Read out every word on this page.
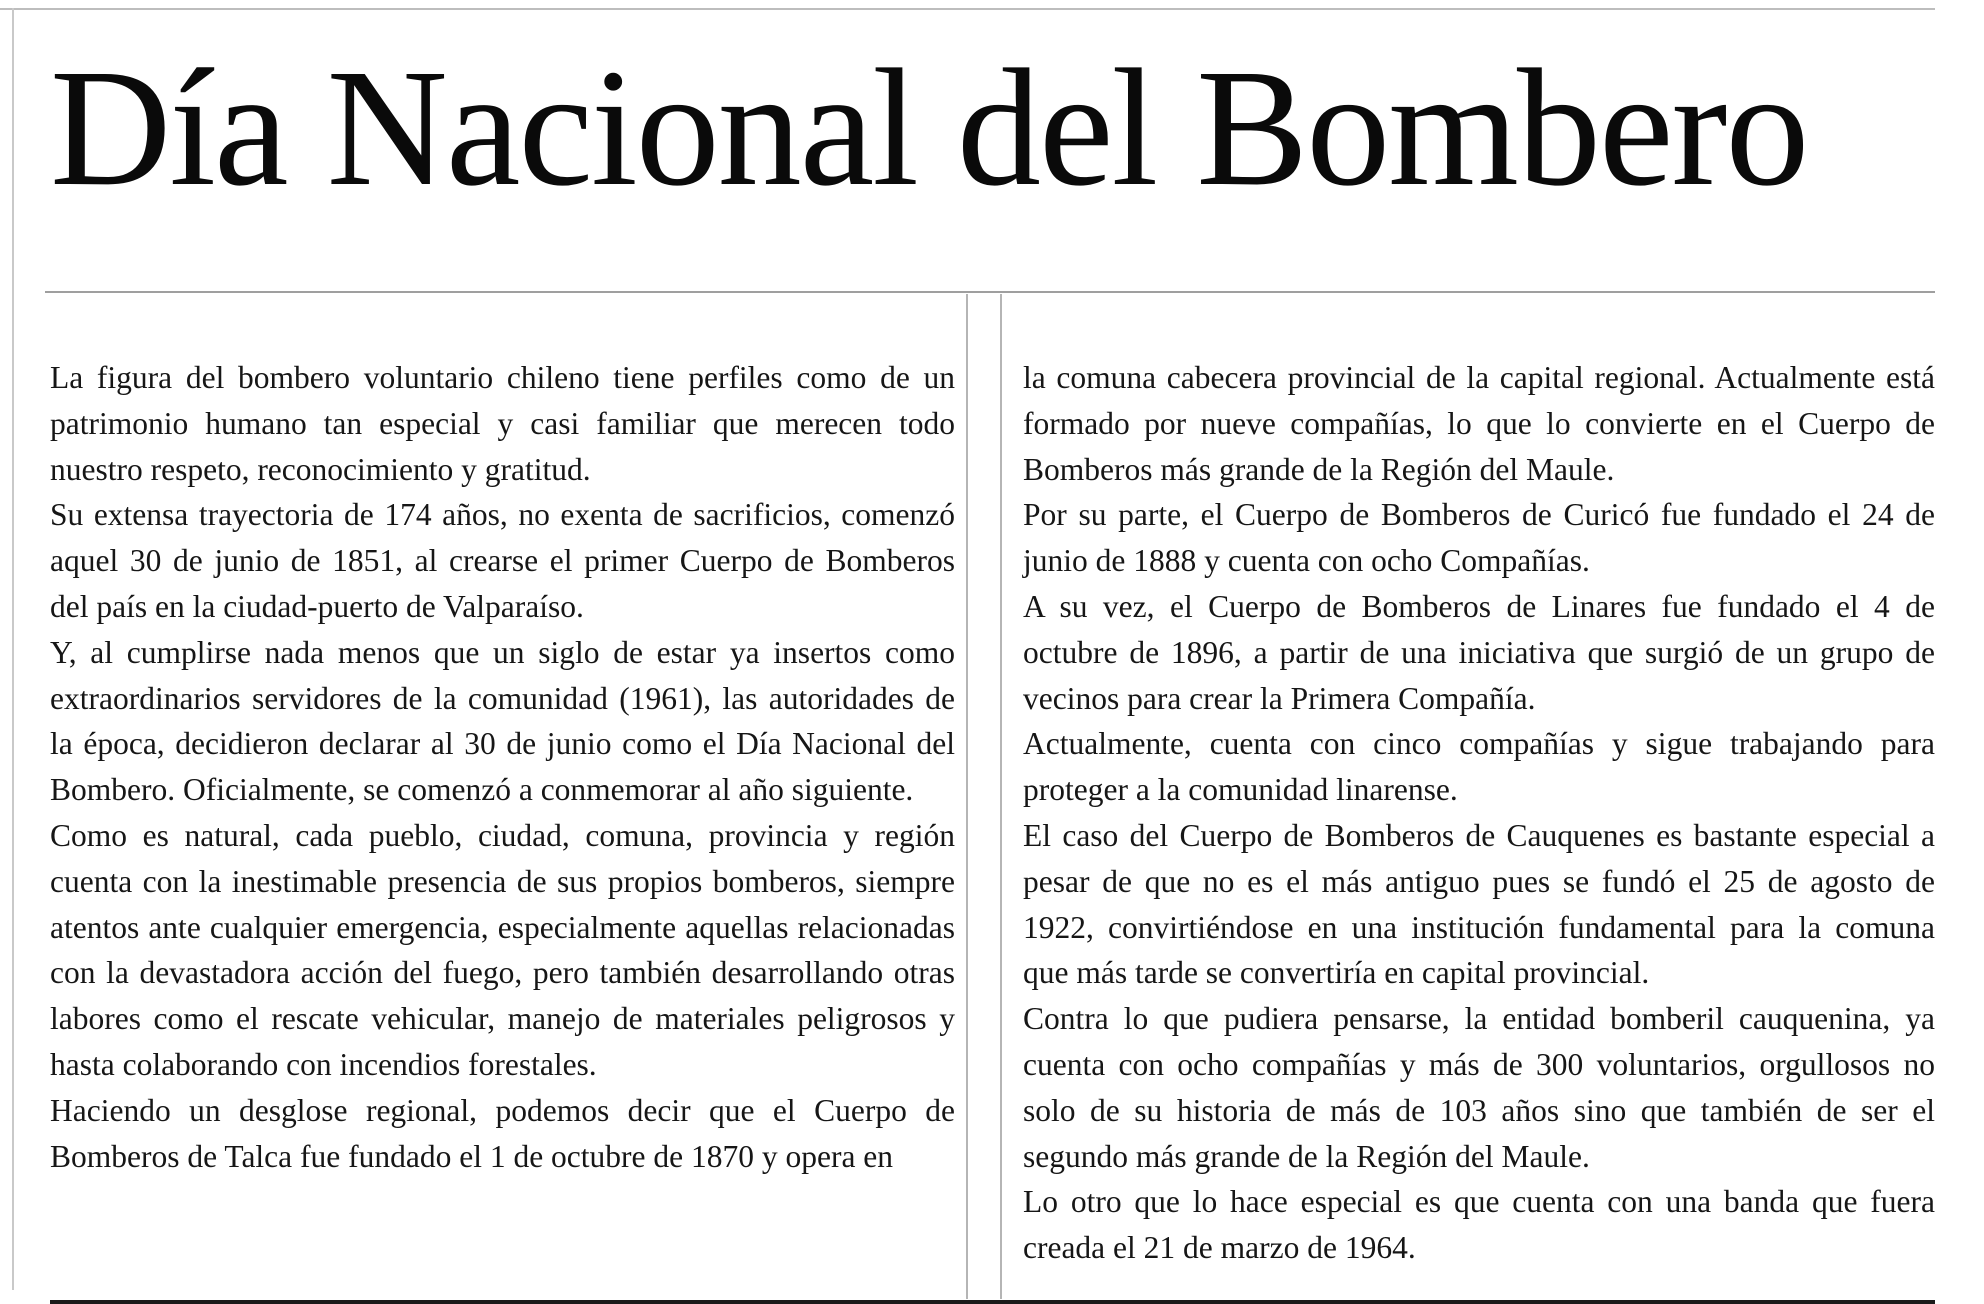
Día Nacional del Bombero

La figura del bombero voluntario chileno tiene perfiles como de un patrimonio humano tan especial y casi familiar que merecen todo nuestro respeto, reconocimiento y gratitud.

Su extensa trayectoria de 174 años, no exenta de sacrificios, comenzó aquel 30 de junio de 1851, al crearse el primer Cuerpo de Bomberos del país en la ciudad-puerto de Valparaíso.

Y, al cumplirse nada menos que un siglo de estar ya insertos como extraordinarios servidores de la comunidad (1961), las autoridades de la época, decidieron declarar al 30 de junio como el Día Nacional del Bombero. Oficialmente, se comenzó a conmemorar al año siguiente.

Como es natural, cada pueblo, ciudad, comuna, provincia y región cuenta con la inestimable presencia de sus propios bomberos, siempre atentos ante cualquier emergencia, especialmente aquellas relacionadas con la devastadora acción del fuego, pero también desarrollando otras labores como el rescate vehicular, manejo de materiales peligrosos y hasta colaborando con incendios forestales.

Haciendo un desglose regional, podemos decir que el Cuerpo de Bomberos de Talca fue fundado el 1 de octubre de 1870 y opera en

la comuna cabecera provincial de la capital regional. Actualmente está formado por nueve compañías, lo que lo convierte en el Cuerpo de Bomberos más grande de la Región del Maule.

Por su parte, el Cuerpo de Bomberos de Curicó fue fundado el 24 de junio de 1888 y cuenta con ocho Compañías.

A su vez, el Cuerpo de Bomberos de Linares fue fundado el 4 de octubre de 1896, a partir de una iniciativa que surgió de un grupo de vecinos para crear la Primera Compañía.

Actualmente, cuenta con cinco compañías y sigue trabajando para proteger a la comunidad linarense.

El caso del Cuerpo de Bomberos de Cauquenes es bastante especial a pesar de que no es el más antiguo pues se fundó el 25 de agosto de 1922, convirtiéndose en una institución fundamental para la comuna que más tarde se convertiría en capital provincial.

Contra lo que pudiera pensarse, la entidad bomberil cauquenina, ya cuenta con ocho compañías y más de 300 voluntarios, orgullosos no solo de su historia de más de 103 años sino que también de ser el segundo más grande de la Región del Maule.

Lo otro que lo hace especial es que cuenta con una banda que fuera creada el 21 de marzo de 1964.
